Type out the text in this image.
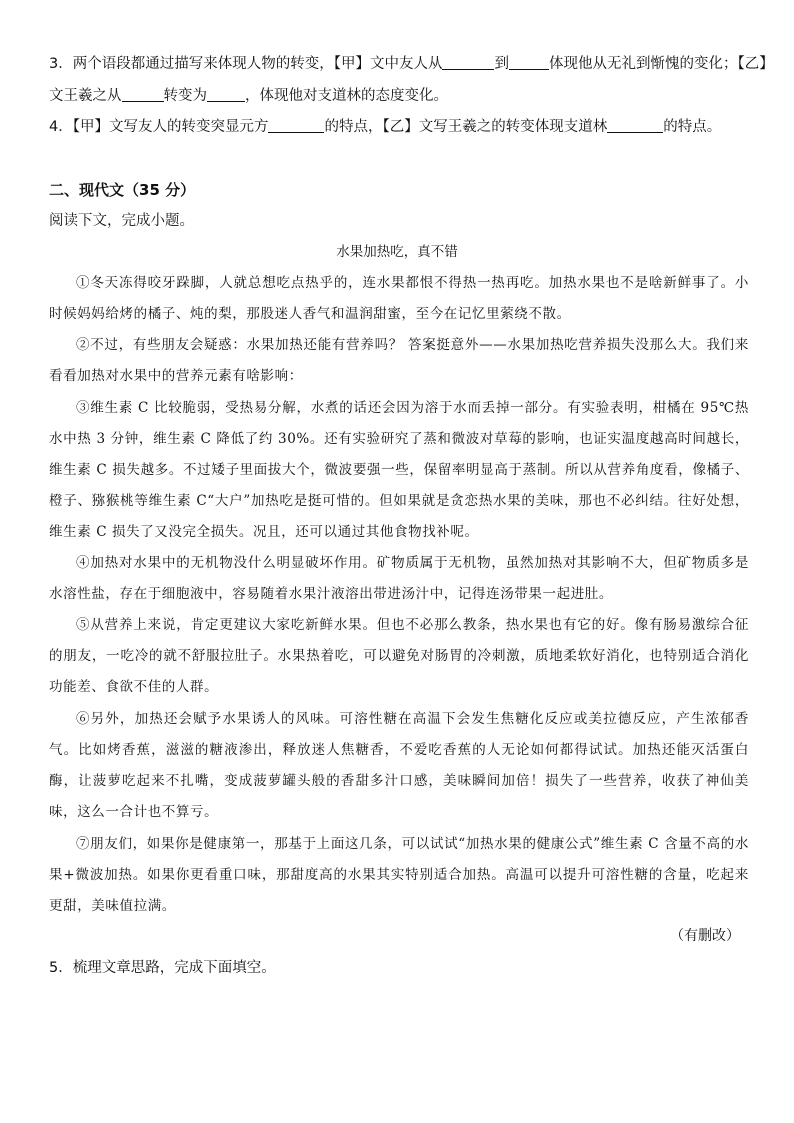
3．两个语段都通过描写来体现人物的转变，【甲】文中友人从	到	体现他从无礼到惭愧的变化；【乙】
文王羲之从	转变为	，体现他对支道林的态度变化。
4．【甲】文写友人的转变突显元方	的特点，【乙】文写王羲之的转变体现支道林	的特点。
二、现代文（35 分）
阅读下文，完成小题。
水果加热吃，真不错
①冬天冻得咬牙跺脚，人就总想吃点热乎的，连水果都恨不得热一热再吃。加热水果也不是啥新鲜事了。小时候妈妈给烤的橘子、炖的梨，那股迷人香气和温润甜蜜，至今在记忆里萦绕不散。
②不过，有些朋友会疑惑：水果加热还能有营养吗？ 答案挺意外——水果加热吃营养损失没那么大。我们来看看加热对水果中的营养元素有啥影响：
③维生素 C 比较脆弱，受热易分解，水煮的话还会因为溶于水而丢掉一部分。有实验表明，柑橘在 95℃热水中热 3 分钟，维生素 C 降低了约 30%。还有实验研究了蒸和微波对草莓的影响，也证实温度越高时间越长，维生素 C 损失越多。不过矮子里面拔大个，微波要强一些，保留率明显高于蒸制。所以从营养角度看，像橘子、橙子、猕猴桃等维生素 C“大户”加热吃是挺可惜的。但如果就是贪恋热水果的美味，那也不必纠结。往好处想，维生素 C 损失了又没完全损失。况且，还可以通过其他食物找补呢。
④加热对水果中的无机物没什么明显破坏作用。矿物质属于无机物，虽然加热对其影响不大，但矿物质多是水溶性盐，存在于细胞液中，容易随着水果汁液溶出带进汤汁中，记得连汤带果一起进肚。
⑤从营养上来说，肯定更建议大家吃新鲜水果。但也不必那么教条，热水果也有它的好。像有肠易激综合征的朋友，一吃冷的就不舒服拉肚子。水果热着吃，可以避免对肠胃的冷刺激，质地柔软好消化，也特别适合消化功能差、食欲不佳的人群。
⑥另外，加热还会赋予水果诱人的风味。可溶性糖在高温下会发生焦糖化反应或美拉德反应，产生浓郁香气。比如烤香蕉，滋滋的糖液渗出，释放迷人焦糖香，不爱吃香蕉的人无论如何都得试试。加热还能灭活蛋白酶，让菠萝吃起来不扎嘴，变成菠萝罐头般的香甜多汁口感，美味瞬间加倍！损失了一些营养，收获了神仙美味，这么一合计也不算亏。
⑦朋友们，如果你是健康第一，那基于上面这几条，可以试试“加热水果的健康公式”维生素 C 含量不高的水果+微波加热。如果你更看重口味，那甜度高的水果其实特别适合加热。高温可以提升可溶性糖的含量，吃起来更甜，美味值拉满。
（有删改）
5．梳理文章思路，完成下面填空。
